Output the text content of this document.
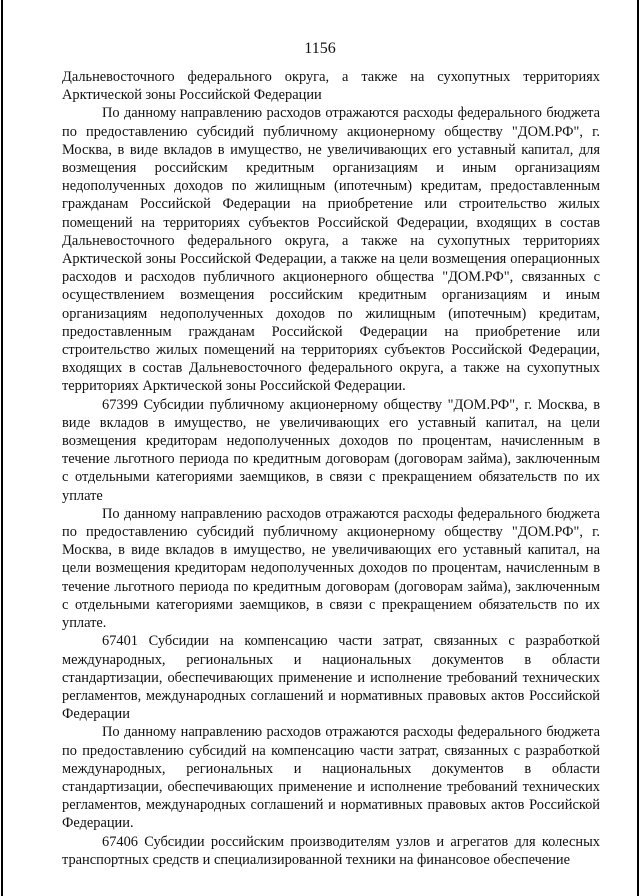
1156

Дальневосточного федерального округа, а также на сухопутных территориях Арктической зоны Российской Федерации

По данному направлению расходов отражаются расходы федерального бюджета по предоставлению субсидий публичному акционерному обществу "ДОМ.РФ", г. Москва, в виде вкладов в имущество, не увеличивающих его уставный капитал, для возмещения российским кредитным организациям и иным организациям недополученных доходов по жилищным (ипотечным) кредитам, предоставленным гражданам Российской Федерации на приобретение или строительство жилых помещений на территориях субъектов Российской Федерации, входящих в состав Дальневосточного федерального округа, а также на сухопутных территориях Арктической зоны Российской Федерации, а также на цели возмещения операционных расходов и расходов публичного акционерного общества "ДОМ.РФ", связанных с осуществлением возмещения российским кредитным организациям и иным организациям недополученных доходов по жилищным (ипотечным) кредитам, предоставленным гражданам Российской Федерации на приобретение или строительство жилых помещений на территориях субъектов Российской Федерации, входящих в состав Дальневосточного федерального округа, а также на сухопутных территориях Арктической зоны Российской Федерации.

67399 Субсидии публичному акционерному обществу "ДОМ.РФ", г. Москва, в виде вкладов в имущество, не увеличивающих его уставный капитал, на цели возмещения кредиторам недополученных доходов по процентам, начисленным в течение льготного периода по кредитным договорам (договорам займа), заключенным с отдельными категориями заемщиков, в связи с прекращением обязательств по их уплате

По данному направлению расходов отражаются расходы федерального бюджета по предоставлению субсидий публичному акционерному обществу "ДОМ.РФ", г. Москва, в виде вкладов в имущество, не увеличивающих его уставный капитал, на цели возмещения кредиторам недополученных доходов по процентам, начисленным в течение льготного периода по кредитным договорам (договорам займа), заключенным с отдельными категориями заемщиков, в связи с прекращением обязательств по их уплате.

67401 Субсидии на компенсацию части затрат, связанных с разработкой международных, региональных и национальных документов в области стандартизации, обеспечивающих применение и исполнение требований технических регламентов, международных соглашений и нормативных правовых актов Российской Федерации

По данному направлению расходов отражаются расходы федерального бюджета по предоставлению субсидий на компенсацию части затрат, связанных с разработкой международных, региональных и национальных документов в области стандартизации, обеспечивающих применение и исполнение требований технических регламентов, международных соглашений и нормативных правовых актов Российской Федерации.

67406 Субсидии российским производителям узлов и агрегатов для колесных транспортных средств и специализированной техники на финансовое обеспечение
